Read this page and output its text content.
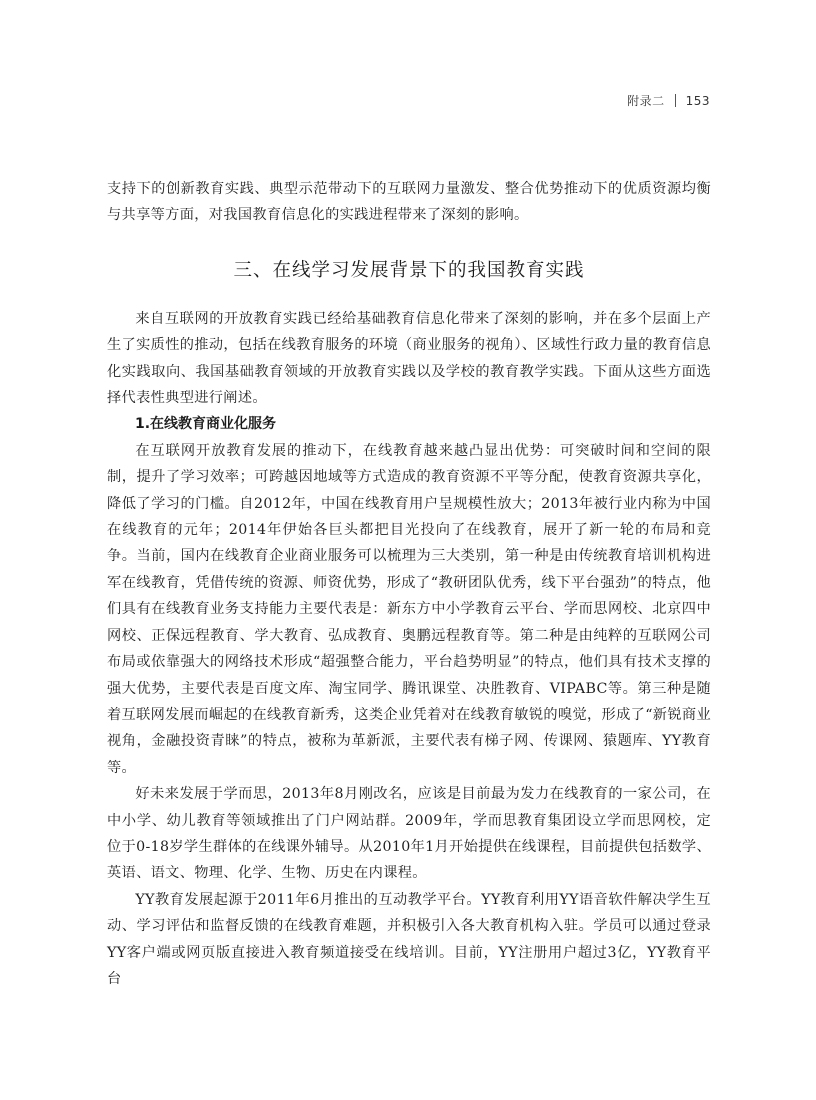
附录二 153

支持下的创新教育实践、典型示范带动下的互联网力量激发、整合优势推动下的优质资源均衡与共享等方面，对我国教育信息化的实践进程带来了深刻的影响。

三、在线学习发展背景下的我国教育实践

来自互联网的开放教育实践已经给基础教育信息化带来了深刻的影响，并在多个层面上产生了实质性的推动，包括在线教育服务的环境（商业服务的视角）、区域性行政力量的教育信息化实践取向、我国基础教育领域的开放教育实践以及学校的教育教学实践。下面从这些方面选择代表性典型进行阐述。

1.在线教育商业化服务

在互联网开放教育发展的推动下，在线教育越来越凸显出优势：可突破时间和空间的限制，提升了学习效率；可跨越因地域等方式造成的教育资源不平等分配，使教育资源共享化，降低了学习的门槛。自2012年，中国在线教育用户呈规模性放大；2013年被行业内称为中国在线教育的元年；2014年伊始各巨头都把目光投向了在线教育，展开了新一轮的布局和竞争。当前，国内在线教育企业商业服务可以梳理为三大类别，第一种是由传统教育培训机构进军在线教育，凭借传统的资源、师资优势，形成了“教研团队优秀，线下平台强劲”的特点，他们具有在线教育业务支持能力主要代表是：新东方中小学教育云平台、学而思网校、北京四中网校、正保远程教育、学大教育、弘成教育、奥鹏远程教育等。第二种是由纯粹的互联网公司布局或依靠强大的网络技术形成“超强整合能力，平台趋势明显”的特点，他们具有技术支撑的强大优势，主要代表是百度文库、淘宝同学、腾讯课堂、决胜教育、VIPABC等。第三种是随着互联网发展而崛起的在线教育新秀，这类企业凭着对在线教育敏锐的嗅觉，形成了“新锐商业视角，金融投资青睐”的特点，被称为革新派，主要代表有梯子网、传课网、猿题库、YY教育等。

好未来发展于学而思，2013年8月刚改名，应该是目前最为发力在线教育的一家公司，在中小学、幼儿教育等领域推出了门户网站群。2009年，学而思教育集团设立学而思网校，定位于0-18岁学生群体的在线课外辅导。从2010年1月开始提供在线课程，目前提供包括数学、英语、语文、物理、化学、生物、历史在内课程。

YY教育发展起源于2011年6月推出的互动教学平台。YY教育利用YY语音软件解决学生互动、学习评估和监督反馈的在线教育难题，并积极引入各大教育机构入驻。学员可以通过登录YY客户端或网页版直接进入教育频道接受在线培训。目前，YY注册用户超过3亿，YY教育平台
